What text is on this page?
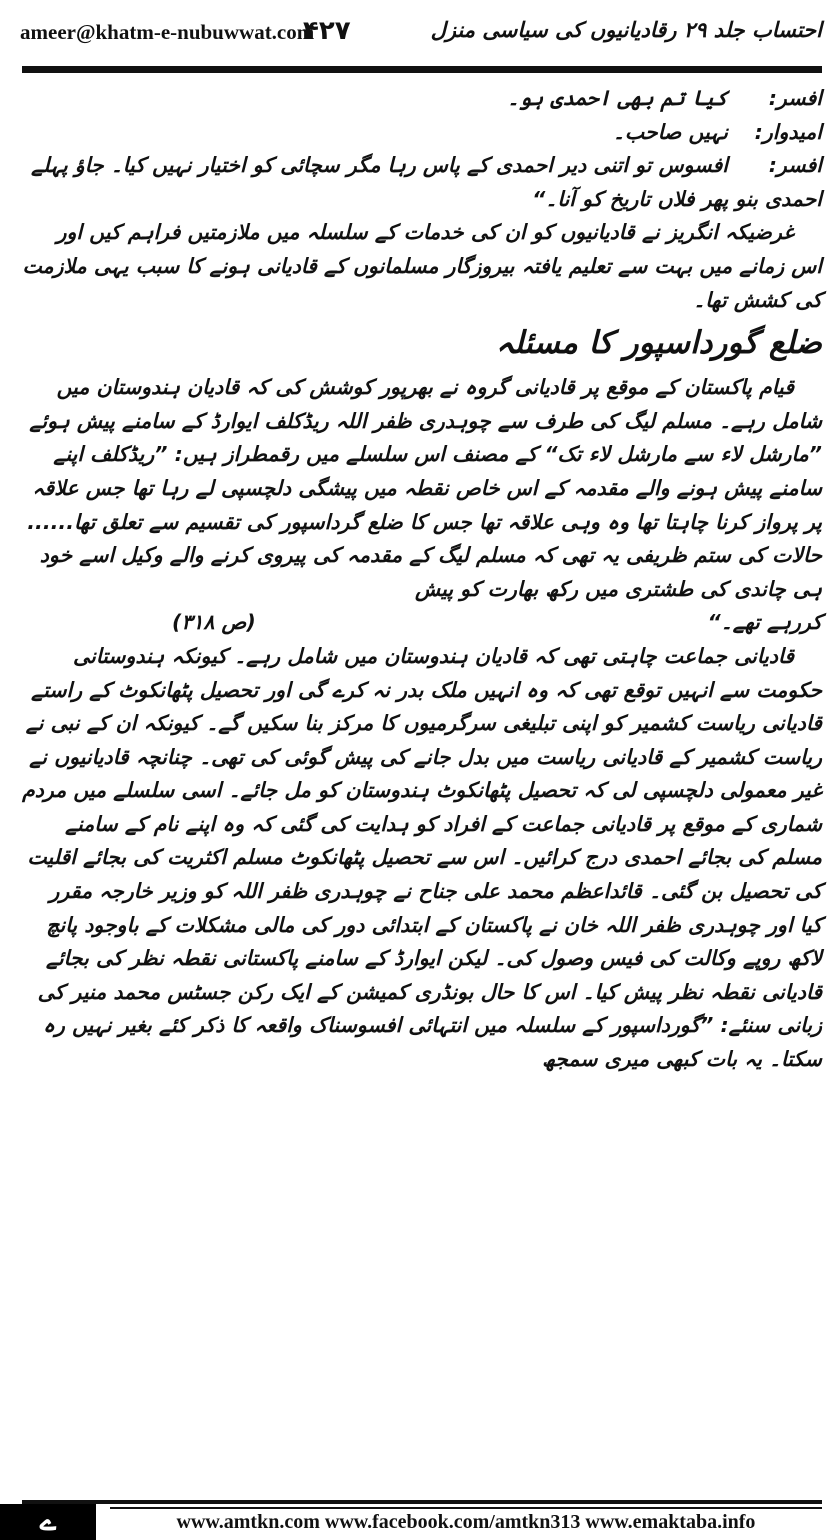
ameer@khatm-e-nubuwwat.com
۴۲۷	احتساب جلد ۲۹ رقادیانیوں کی سیاسی منزل
افسر:
کیا تم بھی احمدی ہو۔
امیدوار:
نہیں صاحب۔
افسر:
افسوس تو اتنی دیر احمدی کے پاس رہا مگر سچائی کو اختیار نہیں کیا۔ جاؤ پہلے

احمدی بنو پھر فلاں تاریخ کو آنا۔“

غرضیکہ انگریز نے قادیانیوں کو ان کی خدمات کے سلسلہ میں ملازمتیں فراہم کیں اور اس زمانے میں بہت سے تعلیم یافتہ بیروزگار مسلمانوں کے قادیانی ہونے کا سبب یہی ملازمت کی کشش تھا۔

ضلع گورداسپور کا مسئلہ

قیام پاکستان کے موقع پر قادیانی گروہ نے بھرپور کوشش کی کہ قادیان ہندوستان میں شامل رہے۔ مسلم لیگ کی طرف سے چوہدری ظفر اللہ ریڈکلف ایوارڈ کے سامنے پیش ہوئے ”مارشل لاء سے مارشل لاء تک“ کے مصنف اس سلسلے میں رقمطراز ہیں: ”ریڈکلف اپنے سامنے پیش ہونے والے مقدمہ کے اس خاص نقطہ میں پیشگی دلچسپی لے رہا تھا جس علاقہ پر پرواز کرنا چاہتا تھا وہ وہی علاقہ تھا جس کا ضلع گرداسپور کی تقسیم سے تعلق تھا...... حالات کی ستم ظریفی یہ تھی کہ مسلم لیگ کے مقدمہ کی پیروی کرنے والے وکیل اسے خود ہی چاندی کی طشتری میں رکھ بھارت کو پیش

کررہے تھے۔“
(ص ۳۱۸)

قادیانی جماعت چاہتی تھی کہ قادیان ہندوستان میں شامل رہے۔ کیونکہ ہندوستانی حکومت سے انہیں توقع تھی کہ وہ انہیں ملک بدر نہ کرے گی اور تحصیل پٹھانکوٹ کے راستے قادیانی ریاست کشمیر کو اپنی تبلیغی سرگرمیوں کا مرکز بنا سکیں گے۔ کیونکہ ان کے نبی نے ریاست کشمیر کے قادیانی ریاست میں بدل جانے کی پیش گوئی کی تھی۔ چنانچہ قادیانیوں نے غیر معمولی دلچسپی لی کہ تحصیل پٹھانکوٹ ہندوستان کو مل جائے۔ اسی سلسلے میں مردم شماری کے موقع پر قادیانی جماعت کے افراد کو ہدایت کی گئی کہ وہ اپنے نام کے سامنے مسلم کی بجائے احمدی درج کرائیں۔ اس سے تحصیل پٹھانکوٹ مسلم اکثریت کی بجائے اقلیت کی تحصیل بن گئی۔ قائداعظم محمد علی جناح نے چوہدری ظفر اللہ کو وزیر خارجہ مقرر کیا اور چوہدری ظفر اللہ خان نے پاکستان کے ابتدائی دور کی مالی مشکلات کے باوجود پانچ لاکھ روپے وکالت کی فیس وصول کی۔ لیکن ایوارڈ کے سامنے پاکستانی نقطہ نظر کی بجائے قادیانی نقطہ نظر پیش کیا۔ اس کا حال بونڈری کمیشن کے ایک رکن جسٹس محمد منیر کی زبانی سنئے: ”گورداسپور کے سلسلہ میں انتہائی افسوسناک واقعہ کا ذکر کئے بغیر نہیں رہ سکتا۔ یہ بات کبھی میری سمجھ

ے	www.amtkn.com www.facebook.com/amtkn313 www.emaktaba.info
